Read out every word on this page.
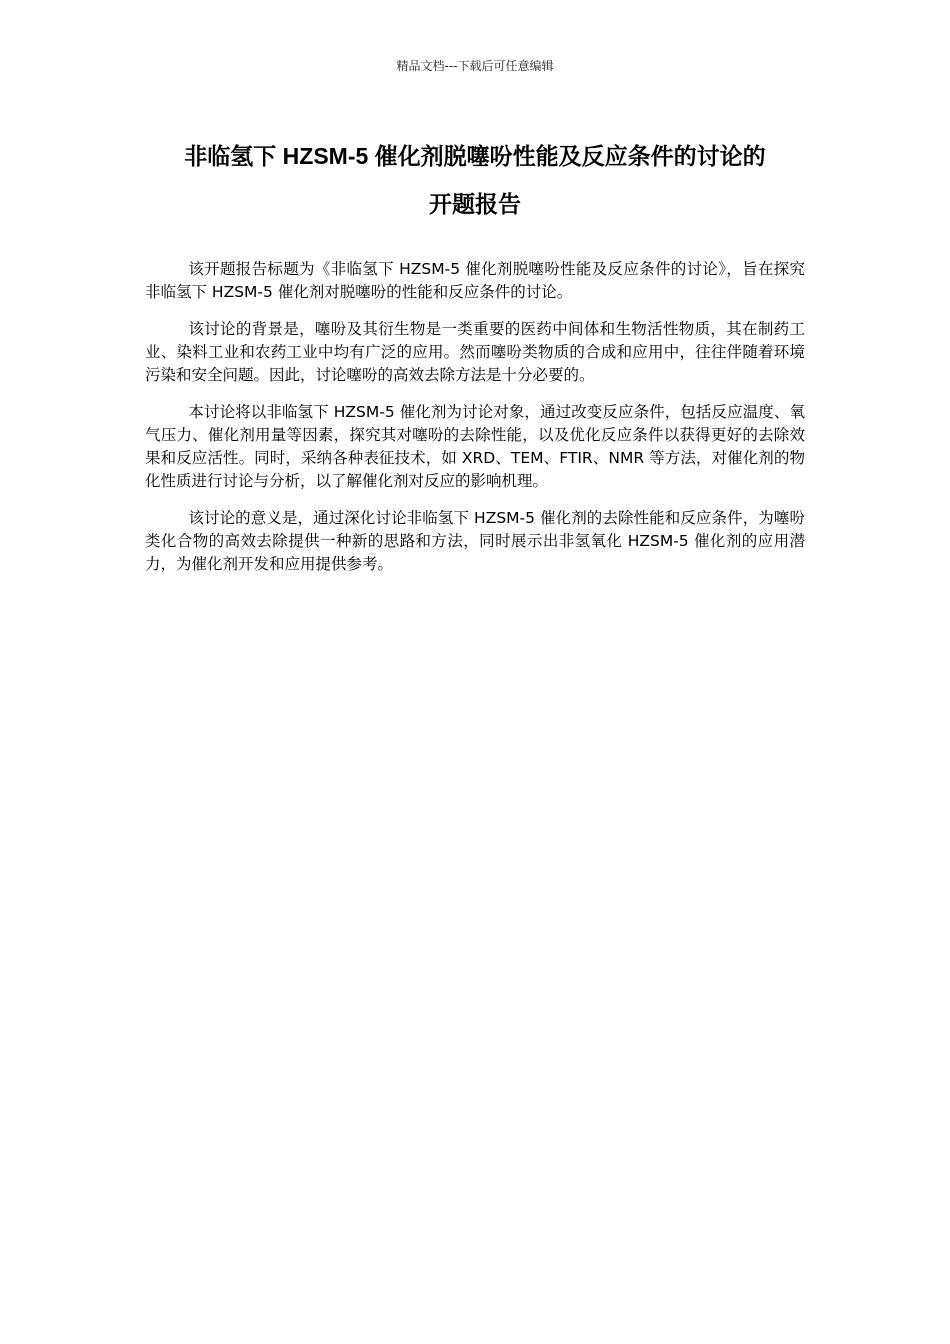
精品文档---下载后可任意编辑
非临氢下 HZSM-5 催化剂脱噻吩性能及反应条件的讨论的
开题报告

该开题报告标题为《非临氢下 HZSM-5 催化剂脱噻吩性能及反应条件的讨论》，旨在探究非临氢下 HZSM-5 催化剂对脱噻吩的性能和反应条件的讨论。

该讨论的背景是，噻吩及其衍生物是一类重要的医药中间体和生物活性物质，其在制药工业、染料工业和农药工业中均有广泛的应用。然而噻吩类物质的合成和应用中，往往伴随着环境污染和安全问题。因此，讨论噻吩的高效去除方法是十分必要的。

本讨论将以非临氢下 HZSM-5 催化剂为讨论对象，通过改变反应条件，包括反应温度、氧气压力、催化剂用量等因素，探究其对噻吩的去除性能，以及优化反应条件以获得更好的去除效果和反应活性。同时，采纳各种表征技术，如 XRD、TEM、FTIR、NMR 等方法，对催化剂的物化性质进行讨论与分析，以了解催化剂对反应的影响机理。

该讨论的意义是，通过深化讨论非临氢下 HZSM-5 催化剂的去除性能和反应条件，为噻吩类化合物的高效去除提供一种新的思路和方法，同时展示出非氢氧化 HZSM-5 催化剂的应用潜力，为催化剂开发和应用提供参考。
